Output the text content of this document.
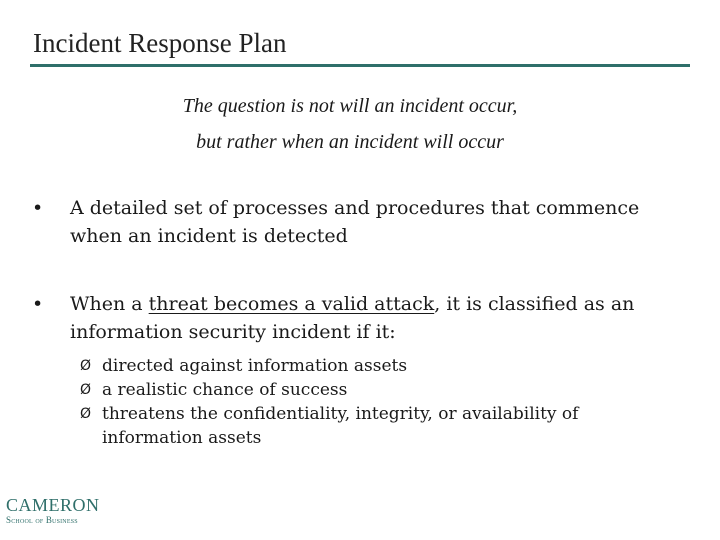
Incident Response Plan
The question is not will an incident occur,
but rather when an incident will occur
•	A detailed set of processes and procedures that commence when an incident is detected
•	When a threat becomes a valid attack, it is classified as an information security incident if it:
Ø directed against information assets
Ø a realistic chance of success
Ø threatens the confidentiality, integrity, or availability of information assets
CAMERON
School of Business
